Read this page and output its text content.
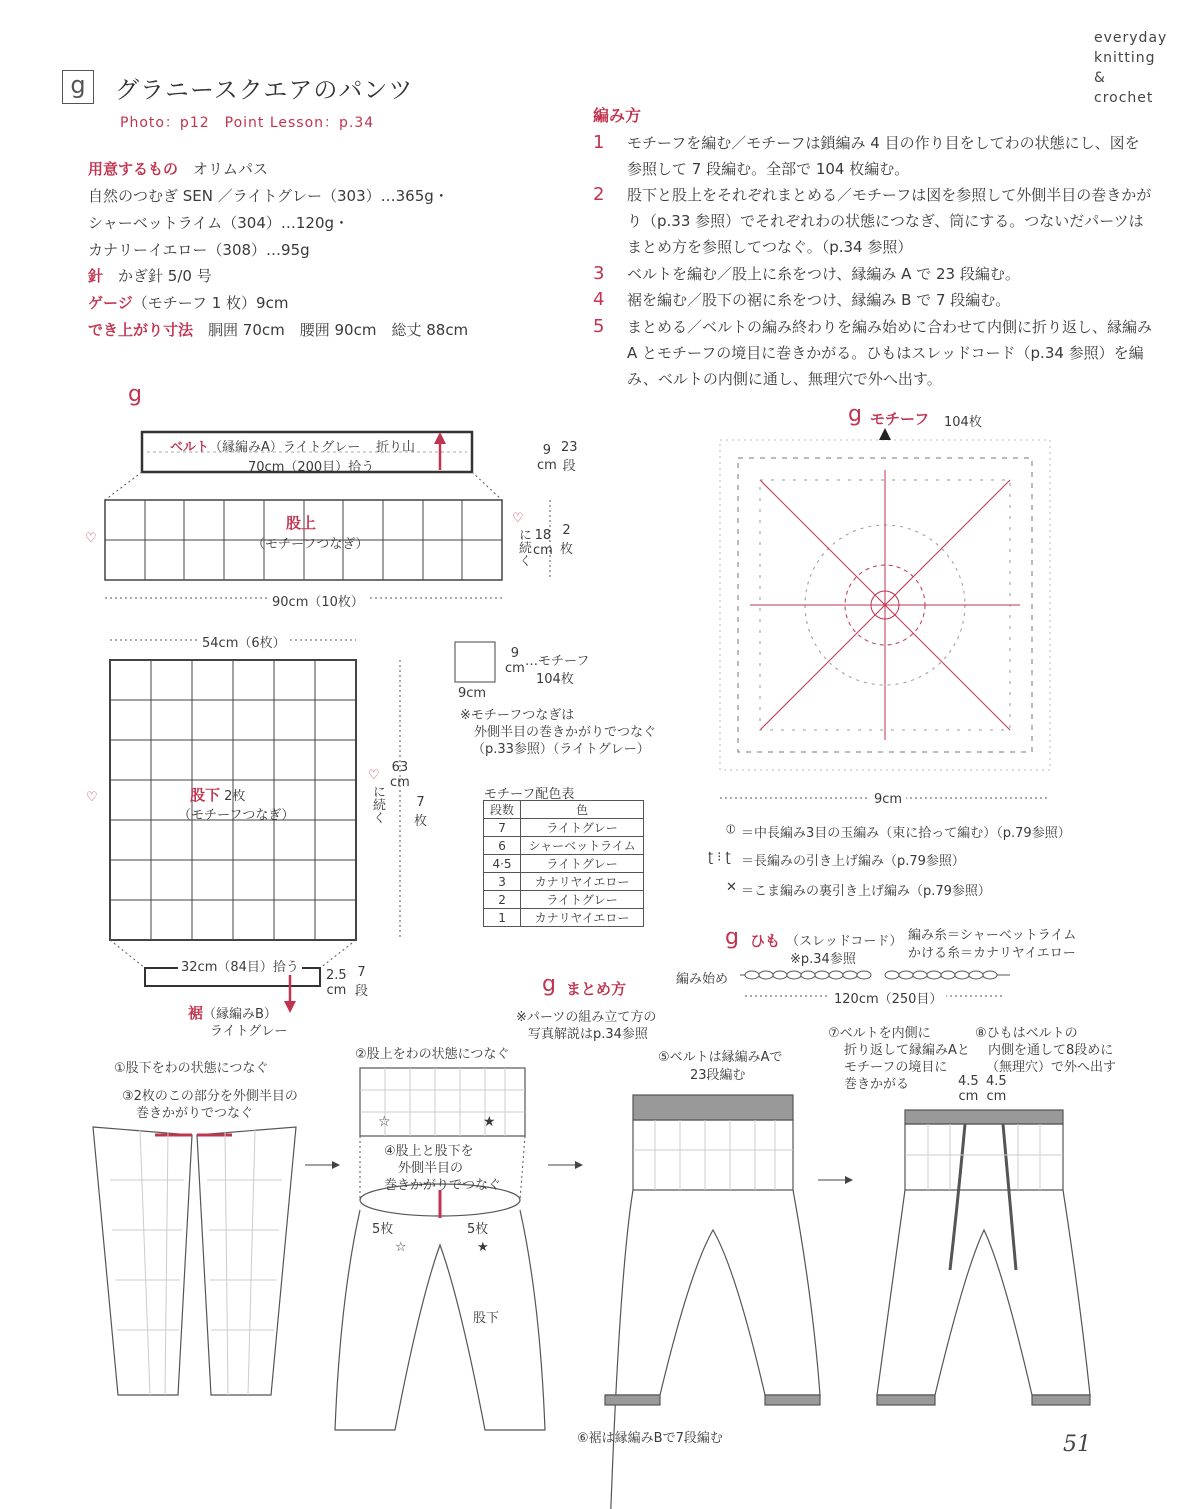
everyday
knitting
&
crochet
g	グラニースクエアのパンツ
Photo：p12　Point Lesson：p.34
用意するもの　 オリムパス
自然のつむぎ SEN ／ライトグレー（303）…365g・
シャーベットライム（304）…120g・
カナリーイエロー（308）…95g
針　 かぎ針 5/0 号
ゲージ（モチーフ 1 枚）9cm
でき上がり寸法　 胴囲 70cm　腰囲 90cm　総丈 88cm
編み方
1 モチーフを編む／モチーフは鎖編み 4 目の作り目をしてわの状態にし、図を参照して 7 段編む。全部で 104 枚編む。
2 股下と股上をそれぞれまとめる／モチーフは図を参照して外側半目の巻きかがり（p.33 参照）でそれぞれわの状態につなぎ、筒にする。つないだパーツはまとめ方を参照してつなぐ。（p.34 参照）
3 ベルトを編む／股上に糸をつけ、縁編み A で 23 段編む。
4 裾を編む／股下の裾に糸をつけ、縁編み B で 7 段編む。
5 まとめる／ベルトの編み終わりを編み始めに合わせて内側に折り返し、縁編み A とモチーフの境目に巻きかがる。ひもはスレッドコード（p.34 参照）を編み、ベルトの内側に通し、無理穴で外へ出す。
g
ベルト（縁編みA）ライトグレー 折り山
70cm（200目）拾う
9
cm
23
段
股上
（モチーフつなぎ）
♡
♡
に続く 18
cm
2
枚
90cm（10枚）
54cm（6枚）
股下 2枚
（モチーフつなぎ）
♡
♡
に続く
63
cm
7
枚
32cm（84目）拾う
2.5
cm
7
段
裾（縁編みB）
ライトグレー
9
cm …モチーフ
104枚
9cm
※モチーフつなぎは
外側半目の巻きかがりでつなぐ
（p.33参照）（ライトグレー）
モチーフ配色表
段数	色
7	ライトグレー
6	シャーベットライム
4·5	ライトグレー
3	カナリヤイエロー
2	ライトグレー
1	カナリヤイエロー
g モチーフ 104枚
9cm
⦶ ＝中長編み3目の玉編み（束に拾って編む）（p.79参照）
ʈ ⁝ ʈ ＝長編みの引き上げ編み（p.79参照）
✕ ＝こま編みの裏引き上げ編み（p.79参照）
g ひも （スレッドコード）
※p.34参照
編み糸＝シャーベットライム
かける糸＝カナリヤイエロー
編み始め
120cm（250目）
g まとめ方
※パーツの組み立て方の
写真解説はp.34参照
①股下をわの状態につなぐ
③2枚のこの部分を外側半目の
巻きかがりでつなぐ
②股上をわの状態につなぐ
④股上と股下を
外側半目の
巻きかがりでつなぐ
☆	★
5枚	5枚
☆	★
股下
⑤ベルトは縁編みAで
23段編む
⑥裾は縁編みBで7段編む
⑦ベルトを内側に
折り返して縁編みAと
モチーフの境目に
巻きかがる
⑧ひもはベルトの
内側を通して8段めに
（無理穴）で外へ出す
4.5
cm
4.5
cm
51
